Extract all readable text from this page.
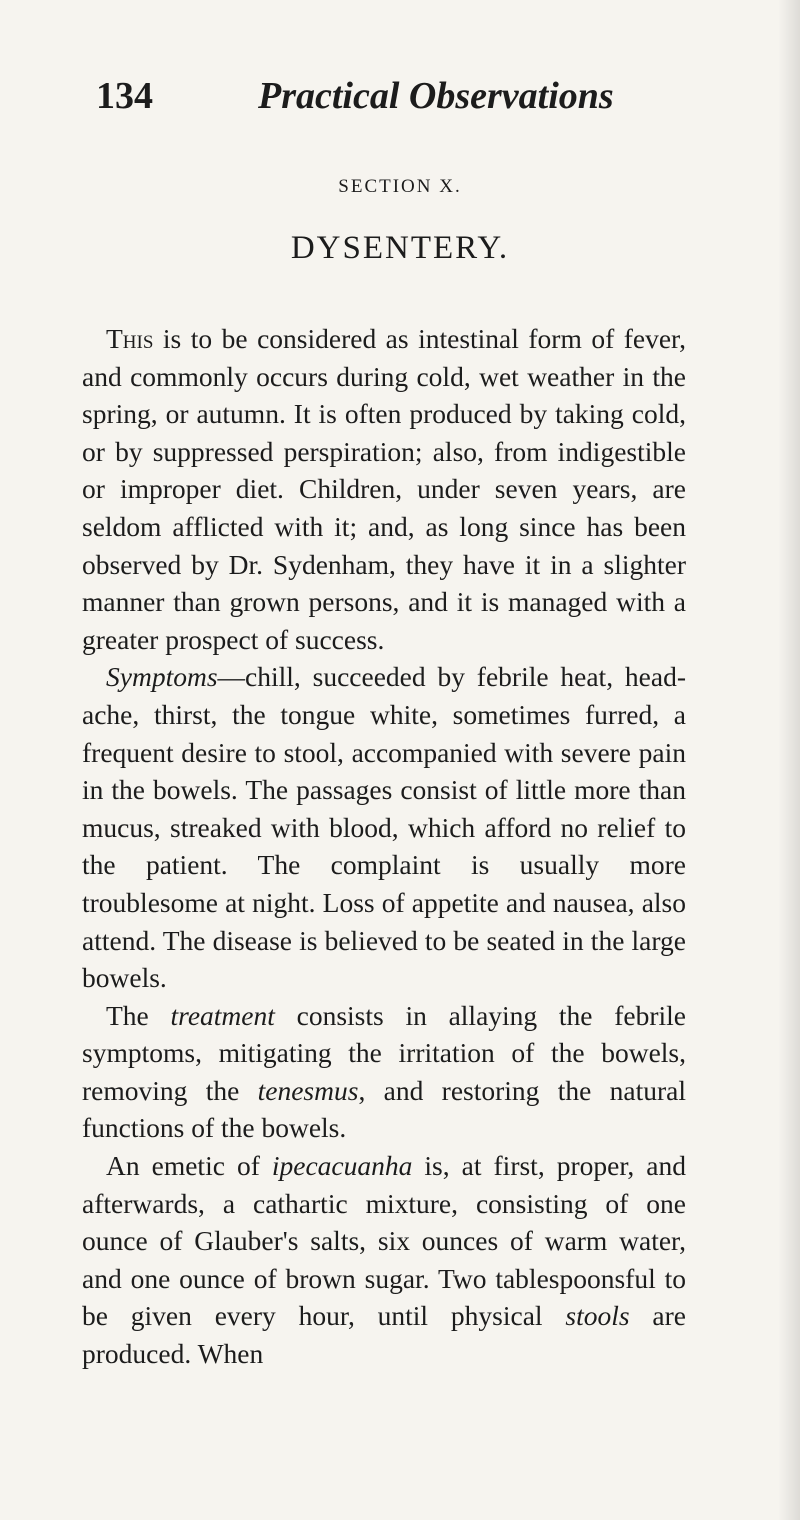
134	Practical Observations
SECTION X.
DYSENTERY.

This is to be considered as intestinal form of fever, and commonly occurs during cold, wet weather in the spring, or autumn. It is often produced by taking cold, or by suppressed perspiration; also, from indigestible or improper diet. Children, under seven years, are seldom afflicted with it; and, as long since has been observed by Dr. Sydenham, they have it in a slighter manner than grown persons, and it is managed with a greater prospect of success.

Symptoms—chill, succeeded by febrile heat, head-ache, thirst, the tongue white, sometimes furred, a frequent desire to stool, accompanied with severe pain in the bowels. The passages consist of little more than mucus, streaked with blood, which afford no relief to the patient. The complaint is usually more troublesome at night. Loss of appetite and nausea, also attend. The disease is believed to be seated in the large bowels.

The treatment consists in allaying the febrile symptoms, mitigating the irritation of the bowels, removing the tenesmus, and restoring the natural functions of the bowels.

An emetic of ipecacuanha is, at first, proper, and afterwards, a cathartic mixture, consisting of one ounce of Glauber's salts, six ounces of warm water, and one ounce of brown sugar. Two tablespoonsful to be given every hour, until physical stools are produced. When
